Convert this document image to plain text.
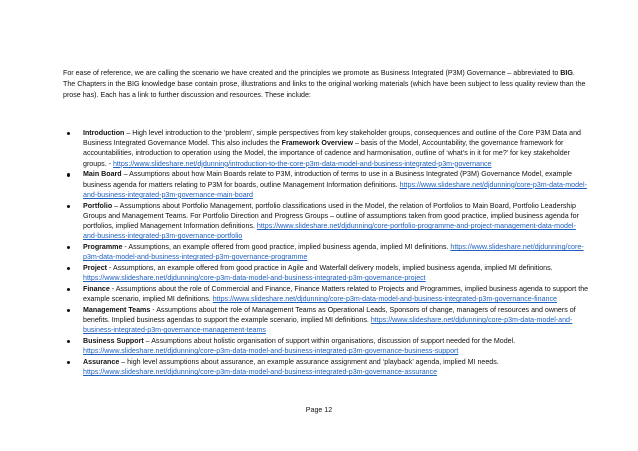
For ease of reference, we are calling the scenario we have created and the principles we promote as Business Integrated (P3M) Governance – abbreviated to BIG. The Chapters in the BIG knowledge base contain prose, illustrations and links to the original working materials (which have been subject to less quality review than the prose has). Each has a link to further discussion and resources. These include:

Introduction – High level introduction to the ‘problem’, simple perspectives from key stakeholder groups, consequences and outline of the Core P3M Data and Business Integrated Governance Model. This also includes the Framework Overview – basis of the Model, Accountability, the governance framework for accountabilities, introduction to operation using the Model, the importance of cadence and harmonisation, outline of ‘what’s in it for me?’ for key stakeholder groups. - https://www.slideshare.net/djdunning/introduction-to-the-core-p3m-data-model-and-business-integrated-p3m-governance
Main Board – Assumptions about how Main Boards relate to P3M, introduction of terms to use in a Business Integrated (P3M) Governance Model, example business agenda for matters relating to P3M for boards, outline Management Information definitions. https://www.slideshare.net/djdunning/core-p3m-data-model-and-business-integrated-p3m-governance-main-board
Portfolio – Assumptions about Portfolio Management, portfolio classifications used in the Model, the relation of Portfolios to Main Board, Portfolio Leadership Groups and Management Teams. For Portfolio Direction and Progress Groups – outline of assumptions taken from good practice, implied business agenda for portfolios, implied Management Information definitions. https://www.slideshare.net/djdunning/core-portfolio-programme-and-project-management-data-model-and-business-integrated-p3m-governance-portfolio
Programme - Assumptions, an example offered from good practice, implied business agenda, implied MI definitions. https://www.slideshare.net/djdunning/core-p3m-data-model-and-business-integrated-p3m-governance-programme
Project - Assumptions, an example offered from good practice in Agile and Waterfall delivery models, implied business agenda, implied MI definitions. https://www.slideshare.net/djdunning/core-p3m-data-model-and-business-integrated-p3m-governance-project
Finance - Assumptions about the role of Commercial and Finance, Finance Matters related to Projects and Programmes, implied business agenda to support the example scenario, implied MI definitions. https://www.slideshare.net/djdunning/core-p3m-data-model-and-business-integrated-p3m-governance-finance
Management Teams - Assumptions about the role of Management Teams as Operational Leads, Sponsors of change, managers of resources and owners of benefits. Implied business agendas to support the example scenario, implied MI definitions. https://www.slideshare.net/djdunning/core-p3m-data-model-and-business-integrated-p3m-governance-management-teams
Business Support – Assumptions about holistic organisation of support within organisations, discussion of support needed for the Model. https://www.slideshare.net/djdunning/core-p3m-data-model-and-business-integrated-p3m-governance-business-support
Assurance – high level assumptions about assurance, an example assurance assignment and ‘playback’ agenda, implied MI needs. https://www.slideshare.net/djdunning/core-p3m-data-model-and-business-integrated-p3m-governance-assurance
Page 12
